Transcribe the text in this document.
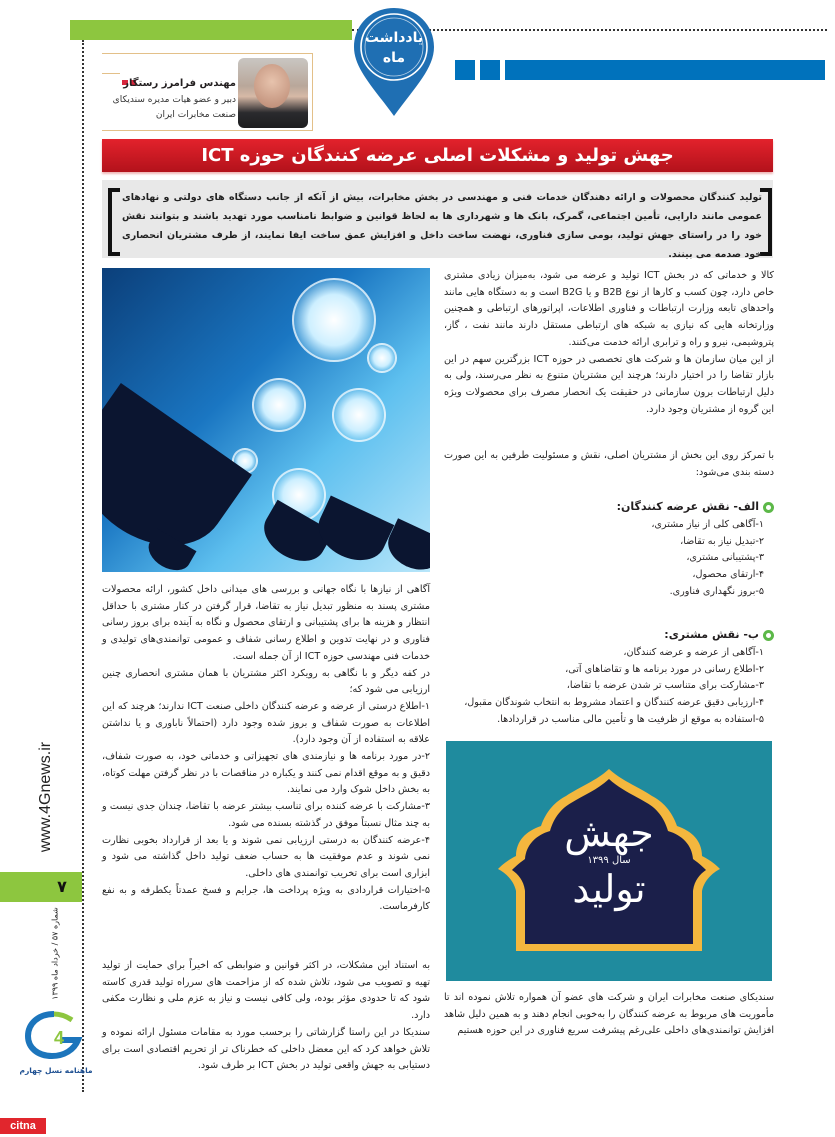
یادداشت
ماه
مهندس فرامرز رستگار
دبیر و عضو هیات مدیره سندیکای
صنعت مخابرات ایران
جهش تولید و مشکلات اصلی عرضه کنندگان حوزه ICT
تولید کنندگان محصولات و ارائه دهندگان خدمات فنی و مهندسی در بخش مخابرات، بیش از آنکه از جانب دستگاه های دولتی و نهادهای عمومی مانند دارایی، تأمین اجتماعی، گمرک، بانک ها و شهرداری ها به لحاظ قوانین و ضوابط نامناسب مورد تهدید باشند و بتوانند نقش خود را در راستای جهش تولید، بومی سازی فناوری، نهضت ساخت داخل و افزایش عمق ساخت ایفا نمایند، از طرف مشتریان انحصاری خود صدمه می بینند.
کالا و خدماتی که در بخش ICT تولید و عرضه می شود، به‌میزان زیادی مشتری خاص دارد، چون کسب و کارها از نوع B2B و یا B2G است و به دستگاه هایی مانند واحدهای تابعه وزارت ارتباطات و فناوری اطلاعات، اپراتورهای ارتباطی و همچنین وزارتخانه هایی که نیازی به شبکه های ارتباطی مستقل دارند مانند نفت ، گاز، پتروشیمی، نیرو و راه و ترابری ارائه خدمت می‌کنند.
از این میان سازمان ها و شرکت های تخصصی در حوزه ICT بزرگترین سهم در این بازار تقاضا را در اختیار دارند؛ هرچند این مشتریان متنوع به نظر می‌رسند، ولی به دلیل ارتباطات برون سازمانی در حقیقت یک انحصار مصرف برای محصولات ویژه این گروه از مشتریان وجود دارد.
با تمرکز روی این بخش از مشتریان اصلی، نقش و مسئولیت طرفین به این صورت دسته بندی می‌شود:
الف- نقش عرضه کنندگان:
۱-آگاهی کلی از نیاز مشتری،
۲-تبدیل نیاز به تقاضا،
۳-پشتیبانی مشتری،
۴-ارتقای محصول،
۵-بروز نگهداری فناوری.
ب- نقش مشتری:
۱-آگاهی از عرضه و عرضه کنندگان،
۲-اطلاع رسانی در مورد برنامه ها و تقاضاهای آتی،
۳-مشارکت برای متناسب تر شدن عرضه با تقاضا،
۴-ارزیابی دقیق عرضه کنندگان و اعتماد مشروط به انتخاب شوندگان مقبول،
۵-استفاده به موقع از ظرفیت ها و تأمین مالی مناسب در قراردادها.
آگاهی از نیازها با نگاه جهانی و بررسی های میدانی داخل کشور، ارائه محصولات مشتری پسند به منظور تبدیل نیاز به تقاضا، قرار گرفتن در کنار مشتری با حداقل انتظار و هزینه ها برای پشتیبانی و ارتقای محصول و نگاه به آینده برای بروز رسانی فناوری و در نهایت تدوین و اطلاع رسانی شفاف و عمومی توانمندی‌های تولیدی و خدمات فنی مهندسی حوزه ICT از آن جمله است.
در کفه دیگر و با نگاهی به رویکرد اکثر مشتریان با همان مشتری انحصاری چنین ارزیابی می شود که؛
۱-اطلاع درستی از عرضه و عرضه کنندگان داخلی صنعت ICT ندارند؛ هرچند که این اطلاعات به صورت شفاف و بروز شده وجود دارد (احتمالاً ناباوری و یا نداشتن علاقه به استفاده از آن وجود دارد).
۲-در مورد برنامه ها و نیازمندی های تجهیزاتی و خدماتی خود، به صورت شفاف، دقیق و به موقع اقدام نمی کنند و یکباره در مناقصات با در نظر گرفتن مهلت کوتاه، به بخش داخل شوک وارد می نمایند.
۳-مشارکت با عرضه کننده برای تناسب بیشتر عرضه با تقاضا، چندان جدی نیست و به چند مثال نسبتاً موفق در گذشته بسنده می شود.
۴-عرضه کنندگان به درستی ارزیابی نمی شوند و یا بعد از قرارداد بخوبی نظارت نمی شوند و عدم موفقیت ها به حساب ضعف تولید داخل گذاشته می شود و ابزاری است برای تخریب توانمندی های داخلی.
۵-اختیارات قراردادی به ویژه پرداخت ها، جرایم و فسخ عمدتاً یکطرفه و به نفع کارفرماست.
به استناد این مشکلات، در اکثر قوانین و ضوابطی که اخیراً برای حمایت از تولید تهیه و تصویب می شود، تلاش شده که از مزاحمت های سرراه تولید قدری کاسته شود که تا حدودی مؤثر بوده، ولی کافی نیست و نیاز به عزم ملی و نظارت مکفی دارد.
سندیکا در این راستا گزارشاتی را برحسب مورد به مقامات مسئول ارائه نموده و تلاش خواهد کرد که این معضل داخلی که خطرناک تر از تحریم اقتصادی است برای دستیابی به جهش واقعی تولید در بخش ICT بر طرف شود.
جهش
سال ۱۳۹۹
تولید
سندیکای صنعت مخابرات ایران و شرکت های عضو آن همواره تلاش نموده اند تا مأموریت های مربوط به عرضه کنندگان را به‌خوبی انجام دهند و به همین دلیل شاهد افزایش توانمندی‌های داخلی علی‌رغم پیشرفت سریع فناوری در این حوزه هستیم
www.4Gnews.ir
۷
شماره ۵۷ / خرداد ماه ۱۳۹۹
4
ماهنامه نسل چهارم
citna
